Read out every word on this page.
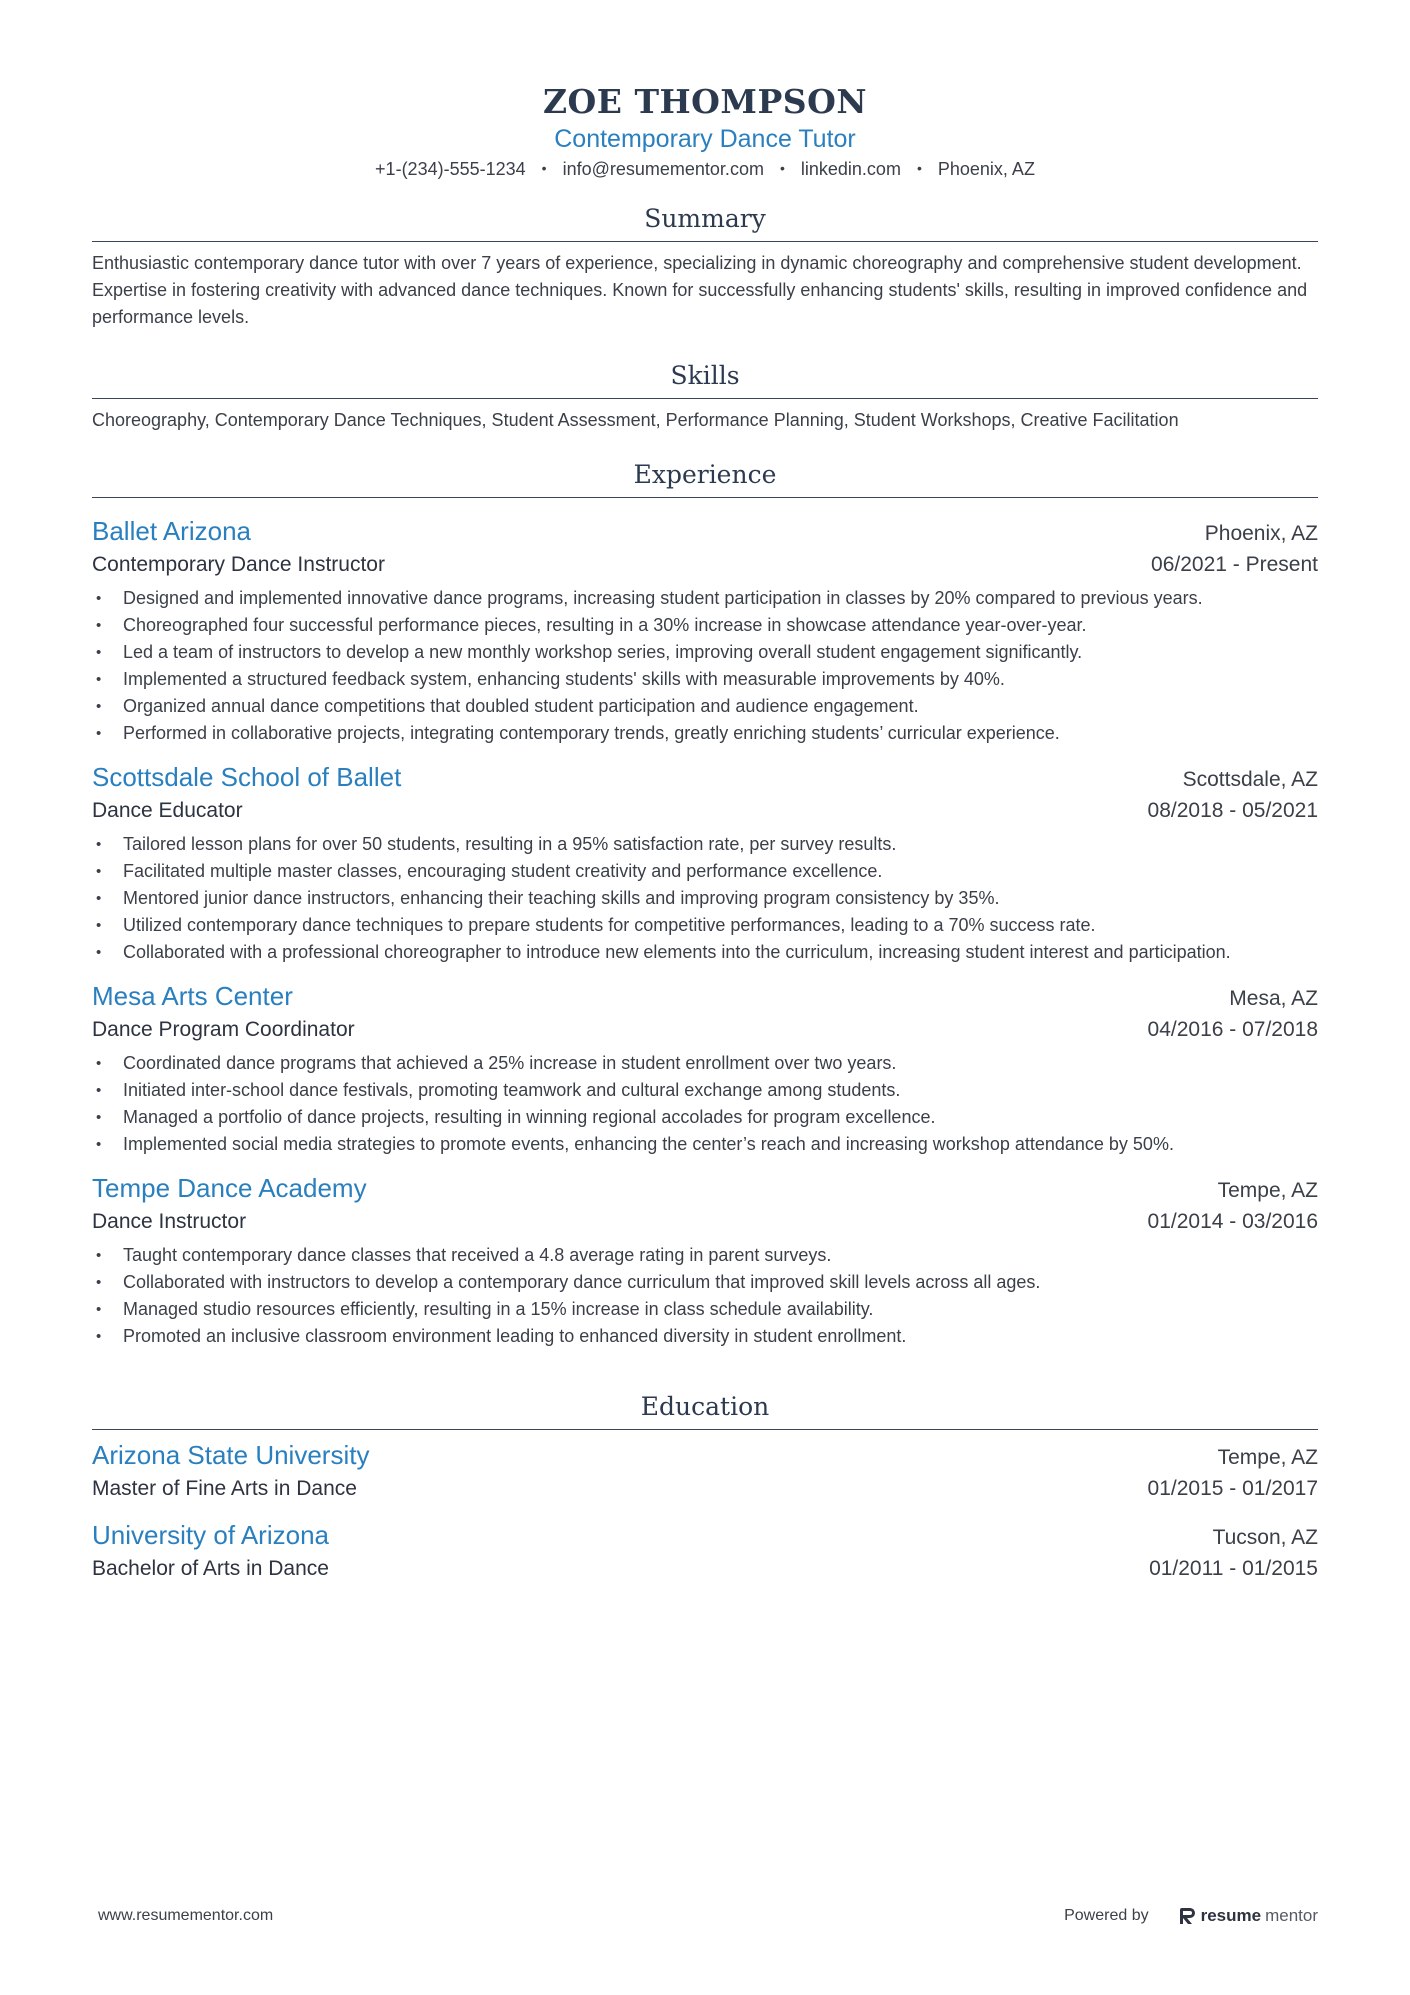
ZOE THOMPSON
Contemporary Dance Tutor
+1-(234)-555-1234 • info@resumementor.com • linkedin.com • Phoenix, AZ
Summary

Enthusiastic contemporary dance tutor with over 7 years of experience, specializing in dynamic choreography and comprehensive student development. Expertise in fostering creativity with advanced dance techniques. Known for successfully enhancing students' skills, resulting in improved confidence and performance levels.

Skills

Choreography, Contemporary Dance Techniques, Student Assessment, Performance Planning, Student Workshops, Creative Facilitation

Experience
Ballet Arizona	Phoenix, AZ
Contemporary Dance Instructor	06/2021 - Present
• Designed and implemented innovative dance programs, increasing student participation in classes by 20% compared to previous years.
• Choreographed four successful performance pieces, resulting in a 30% increase in showcase attendance year-over-year.
• Led a team of instructors to develop a new monthly workshop series, improving overall student engagement significantly.
• Implemented a structured feedback system, enhancing students' skills with measurable improvements by 40%.
• Organized annual dance competitions that doubled student participation and audience engagement.
• Performed in collaborative projects, integrating contemporary trends, greatly enriching students’ curricular experience.
Scottsdale School of Ballet	Scottsdale, AZ
Dance Educator	08/2018 - 05/2021
• Tailored lesson plans for over 50 students, resulting in a 95% satisfaction rate, per survey results.
• Facilitated multiple master classes, encouraging student creativity and performance excellence.
• Mentored junior dance instructors, enhancing their teaching skills and improving program consistency by 35%.
• Utilized contemporary dance techniques to prepare students for competitive performances, leading to a 70% success rate.
• Collaborated with a professional choreographer to introduce new elements into the curriculum, increasing student interest and participation.
Mesa Arts Center	Mesa, AZ
Dance Program Coordinator	04/2016 - 07/2018
• Coordinated dance programs that achieved a 25% increase in student enrollment over two years.
• Initiated inter-school dance festivals, promoting teamwork and cultural exchange among students.
• Managed a portfolio of dance projects, resulting in winning regional accolades for program excellence.
• Implemented social media strategies to promote events, enhancing the center’s reach and increasing workshop attendance by 50%.
Tempe Dance Academy	Tempe, AZ
Dance Instructor	01/2014 - 03/2016
• Taught contemporary dance classes that received a 4.8 average rating in parent surveys.
• Collaborated with instructors to develop a contemporary dance curriculum that improved skill levels across all ages.
• Managed studio resources efficiently, resulting in a 15% increase in class schedule availability.
• Promoted an inclusive classroom environment leading to enhanced diversity in student enrollment.
Education
Arizona State University	Tempe, AZ
Master of Fine Arts in Dance	01/2015 - 01/2017
University of Arizona	Tucson, AZ
Bachelor of Arts in Dance	01/2011 - 01/2015
www.resumementor.com	Powered by	resume mentor
